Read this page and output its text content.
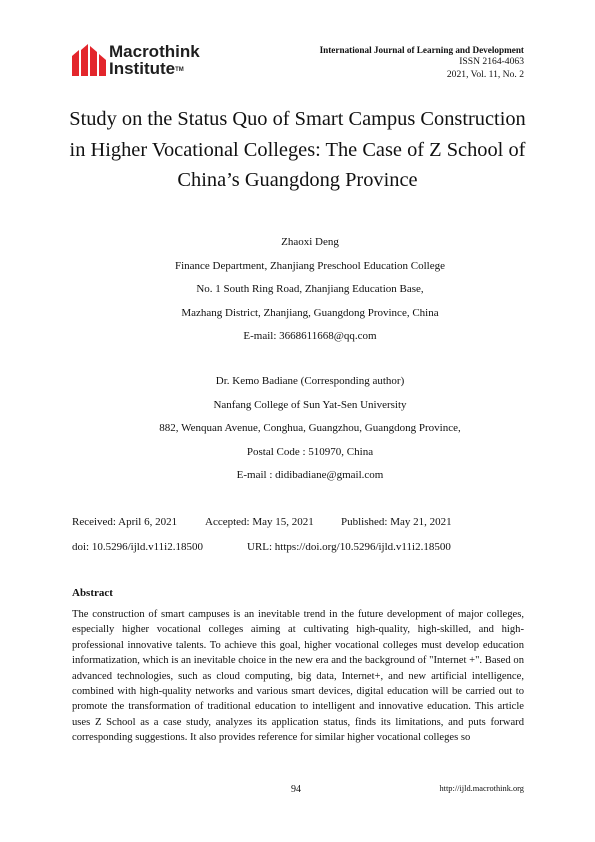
Macrothink
Institute™
International Journal of Learning and Development
ISSN 2164-4063
2021, Vol. 11, No. 2
Study on the Status Quo of Smart Campus Construction
in Higher Vocational Colleges: The Case of Z School of
China’s Guangdong Province
Zhaoxi Deng
Finance Department, Zhanjiang Preschool Education College
No. 1 South Ring Road, Zhanjiang Education Base,
Mazhang District, Zhanjiang, Guangdong Province, China
E-mail: 3668611668@qq.com
Dr. Kemo Badiane (Corresponding author)
Nanfang College of Sun Yat-Sen University
882, Wenquan Avenue, Conghua, Guangzhou, Guangdong Province,
Postal Code : 510970, China
E-mail : didibadiane@gmail.com
Received: April 6, 2021	Accepted: May 15, 2021 Published: May 21, 2021
doi: 10.5296/ijld.v11i2.18500	URL: https://doi.org/10.5296/ijld.v11i2.18500
Abstract
The construction of smart campuses is an inevitable trend in the future development of major colleges, especially higher vocational colleges aiming at cultivating high-quality, high-skilled, and high-professional innovative talents. To achieve this goal, higher vocational colleges must develop education informatization, which is an inevitable choice in the new era and the background of "Internet +". Based on advanced technologies, such as cloud computing, big data, Internet+, and new artificial intelligence, combined with high-quality networks and various smart devices, digital education will be carried out to promote the transformation of traditional education to intelligent and innovative education. This article uses Z School as a case study, analyzes its application status, finds its limitations, and puts forward corresponding suggestions. It also provides reference for similar higher vocational colleges so
94	http://ijld.macrothink.org
